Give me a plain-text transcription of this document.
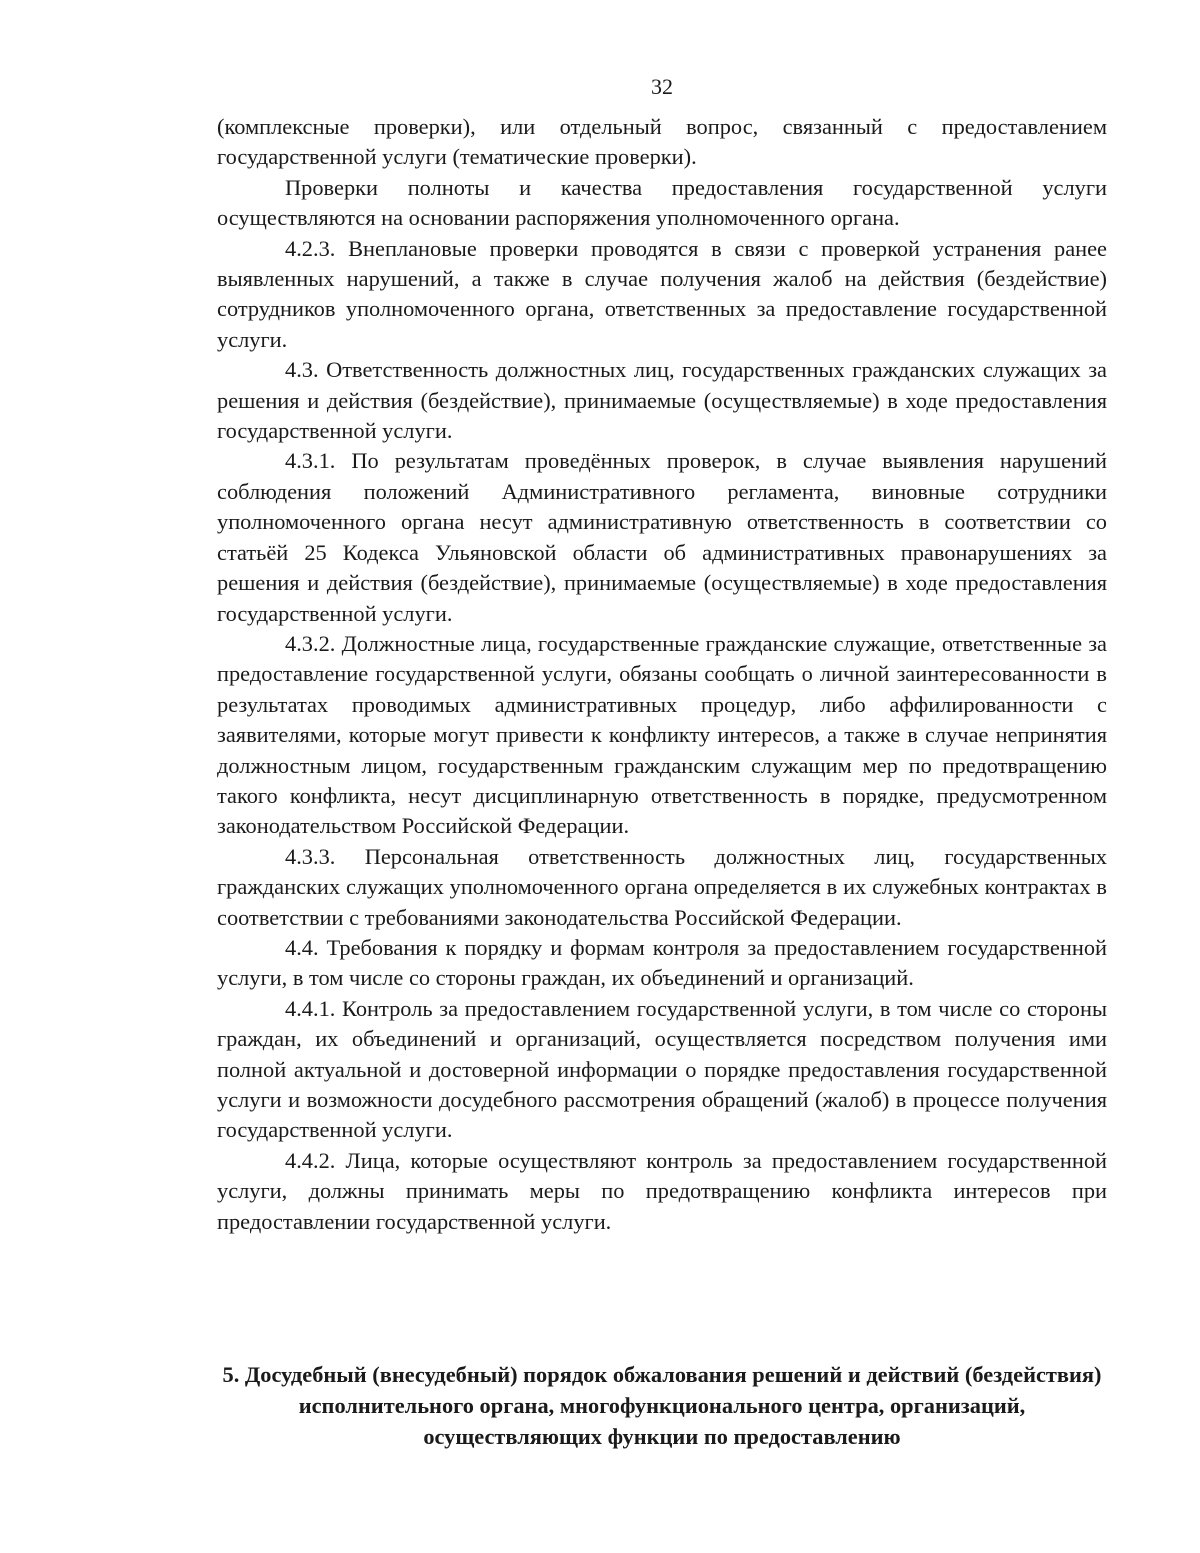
32

(комплексные проверки), или отдельный вопрос, связанный с предоставлением государственной услуги (тематические проверки).

Проверки полноты и качества предоставления государственной услуги осуществляются на основании распоряжения уполномоченного органа.

4.2.3. Внеплановые проверки проводятся в связи с проверкой устранения ранее выявленных нарушений, а также в случае получения жалоб на действия (бездействие) сотрудников уполномоченного органа, ответственных за предоставление государственной услуги.

4.3. Ответственность должностных лиц, государственных гражданских служащих за решения и действия (бездействие), принимаемые (осуществляемые) в ходе предоставления государственной услуги.

4.3.1. По результатам проведённых проверок, в случае выявления нарушений соблюдения положений Административного регламента, виновные сотрудники уполномоченного органа несут административную ответственность в соответствии со статьёй 25 Кодекса Ульяновской области об административных правонарушениях за решения и действия (бездействие), принимаемые (осуществляемые) в ходе предоставления государственной услуги.

4.3.2. Должностные лица, государственные гражданские служащие, ответственные за предоставление государственной услуги, обязаны сообщать о личной заинтересованности в результатах проводимых административных процедур, либо аффилированности с заявителями, которые могут привести к конфликту интересов, а также в случае непринятия должностным лицом, государственным гражданским служащим мер по предотвращению такого конфликта, несут дисциплинарную ответственность в порядке, предусмотренном законодательством Российской Федерации.

4.3.3. Персональная ответственность должностных лиц, государственных гражданских служащих уполномоченного органа определяется в их служебных контрактах в соответствии с требованиями законодательства Российской Федерации.

4.4. Требования к порядку и формам контроля за предоставлением государственной услуги, в том числе со стороны граждан, их объединений и организаций.

4.4.1. Контроль за предоставлением государственной услуги, в том числе со стороны граждан, их объединений и организаций, осуществляется посредством получения ими полной актуальной и достоверной информации о порядке предоставления государственной услуги и возможности досудебного рассмотрения обращений (жалоб) в процессе получения государственной услуги.

4.4.2. Лица, которые осуществляют контроль за предоставлением государственной услуги, должны принимать меры по предотвращению конфликта интересов при предоставлении государственной услуги.

5. Досудебный (внесудебный) порядок обжалования решений и действий (бездействия) исполнительного органа, многофункционального центра, организаций, осуществляющих функции по предоставлению
